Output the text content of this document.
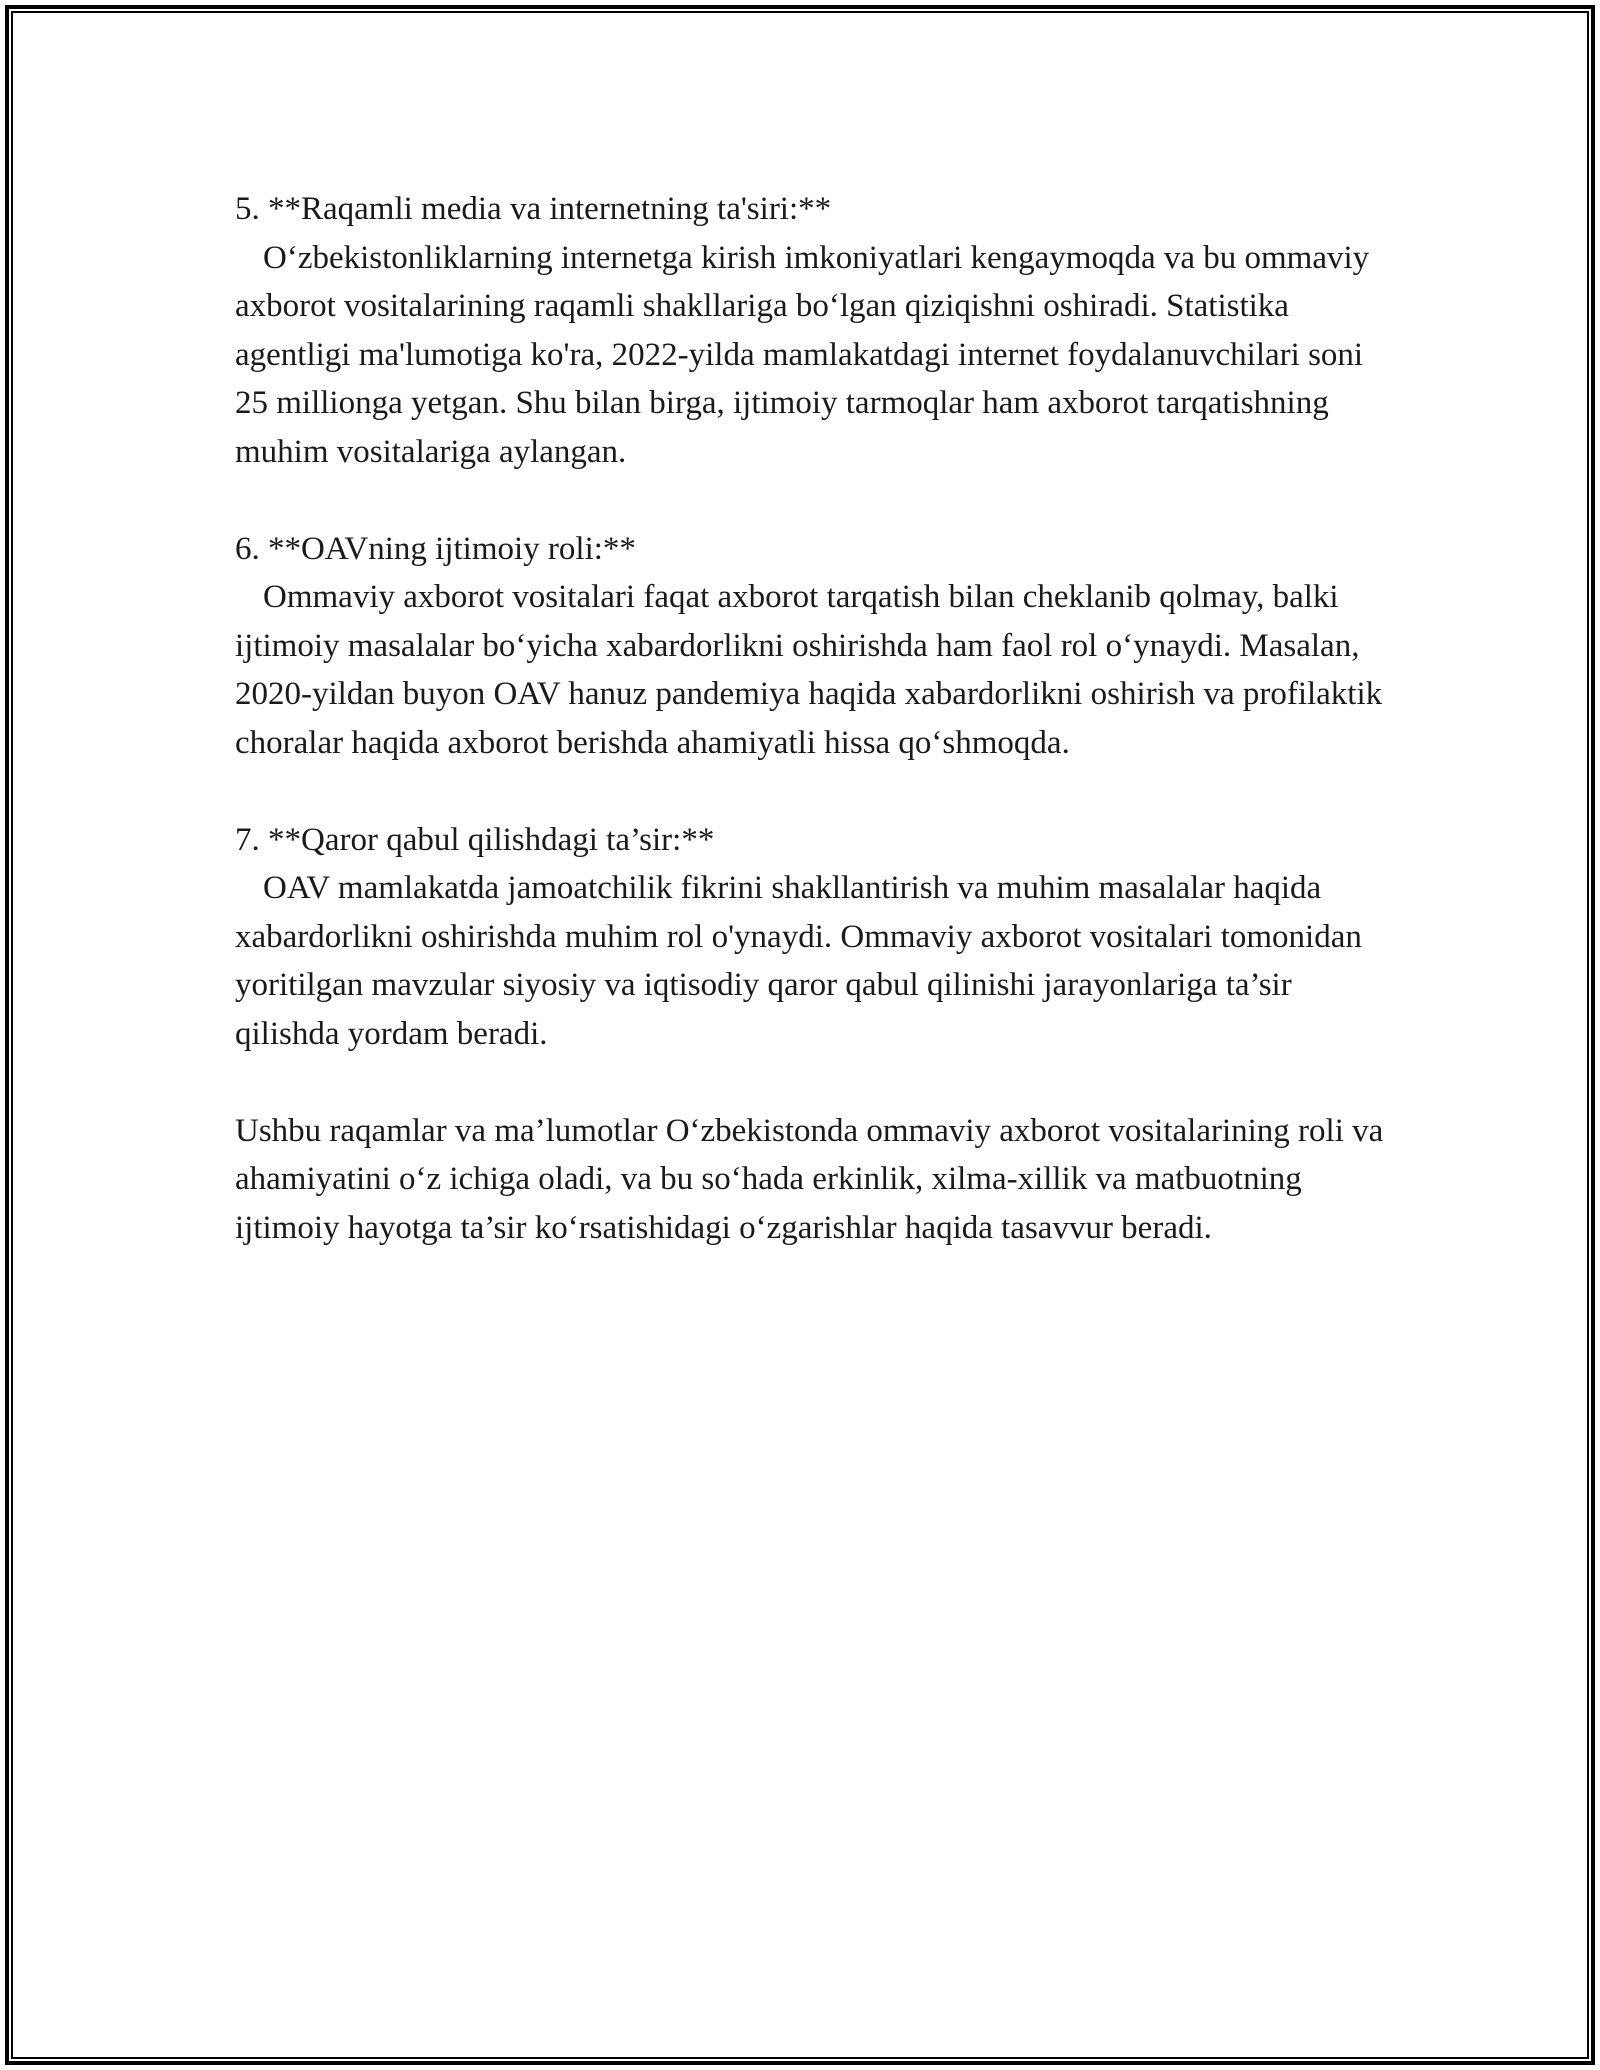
5. **Raqamli media va internetning ta'siri:**

O‘zbekistonliklarning internetga kirish imkoniyatlari kengaymoqda va bu ommaviy axborot vositalarining raqamli shakllariga bo‘lgan qiziqishni oshiradi. Statistika agentligi ma'lumotiga ko'ra, 2022-yilda mamlakatdagi internet foydalanuvchilari soni 25 millionga yetgan. Shu bilan birga, ijtimoiy tarmoqlar ham axborot tarqatishning muhim vositalariga aylangan.

6. **OAVning ijtimoiy roli:**

Ommaviy axborot vositalari faqat axborot tarqatish bilan cheklanib qolmay, balki ijtimoiy masalalar bo‘yicha xabardorlikni oshirishda ham faol rol o‘ynaydi. Masalan, 2020-yildan buyon OAV hanuz pandemiya haqida xabardorlikni oshirish va profilaktik choralar haqida axborot berishda ahamiyatli hissa qo‘shmoqda.

7. **Qaror qabul qilishdagi ta’sir:**

OAV mamlakatda jamoatchilik fikrini shakllantirish va muhim masalalar haqida xabardorlikni oshirishda muhim rol o'ynaydi. Ommaviy axborot vositalari tomonidan yoritilgan mavzular siyosiy va iqtisodiy qaror qabul qilinishi jarayonlariga ta’sir qilishda yordam beradi.

Ushbu raqamlar va ma’lumotlar O‘zbekistonda ommaviy axborot vositalarining roli va ahamiyatini o‘z ichiga oladi, va bu so‘hada erkinlik, xilma-xillik va matbuotning ijtimoiy hayotga ta’sir ko‘rsatishidagi o‘zgarishlar haqida tasavvur beradi.
